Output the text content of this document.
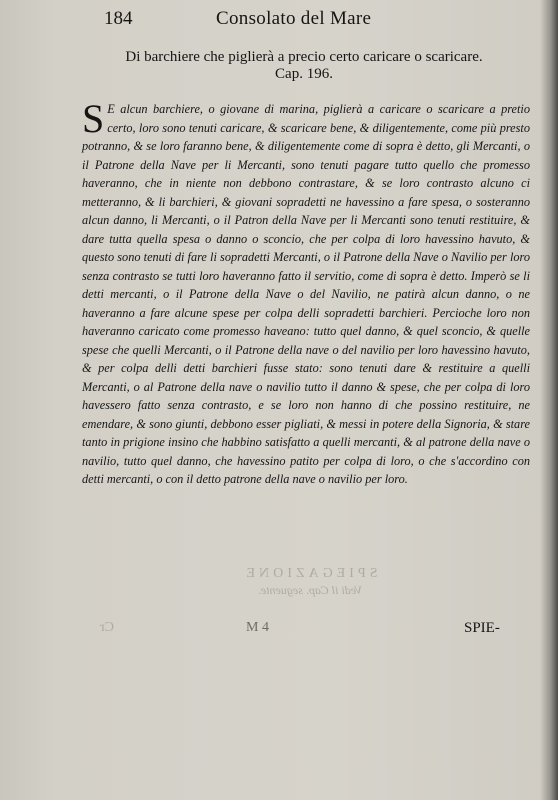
184	Consolato del Mare
Di barchiere che piglierà a precio certo caricare o scaricare.
Cap. 196.

S E alcun barchiere, o giovane di marina, piglierà a caricare o scaricare a pretio certo, loro sono tenuti caricare, & scaricare bene, & diligentemente, come più presto potranno, & se loro faranno bene, & diligentemente come di sopra è detto, gli Mercanti, o il Patrone della Nave per li Mercanti, sono tenuti pagare tutto quello che promesso haveranno, che in niente non debbono contrastare, & se loro contrasto alcuno ci metteranno, & li barchieri, & giovani sopradetti ne havessino a fare spesa, o sosteranno alcun danno, li Mercanti, o il Patron della Nave per li Mercanti sono tenuti restituire, & dare tutta quella spesa o danno o sconcio, che per colpa di loro havessino havuto, & questo sono tenuti di fare li sopradetti Mercanti, o il Patrone della Nave o Navilio per loro senza contrasto se tutti loro haveranno fatto il servitio, come di sopra è detto. Imperò se li detti mercanti, o il Patrone della Nave o del Navilio, ne patirà alcun danno, o ne haveranno a fare alcune spese per colpa delli sopradetti barchieri. Percioche loro non haveranno caricato come promesso haveano: tutto quel danno, & quel sconcio, & quelle spese che quelli Mercanti, o il Patrone della nave o del navilio per loro havessino havuto, & per colpa delli detti barchieri fusse stato: sono tenuti dare & restituire a quelli Mercanti, o al Patrone della nave o navilio tutto il danno & spese, che per colpa di loro havessero fatto senza contrasto, e se loro non hanno di che possino restituire, ne emendare, & sono giunti, debbono esser pigliati, & messi in potere della Signoria, & stare tanto in prigione insino che habbino satisfatto a quelli mercanti, & al patrone della nave o navilio, tutto quel danno, che havessino patito per colpa di loro, o che s'accordino con detti mercanti, o con il detto patrone della nave o navilio per loro.

SPIEGAZIONE
Vedi il Cap. seguente.
Cr	M 4	SPIE-
